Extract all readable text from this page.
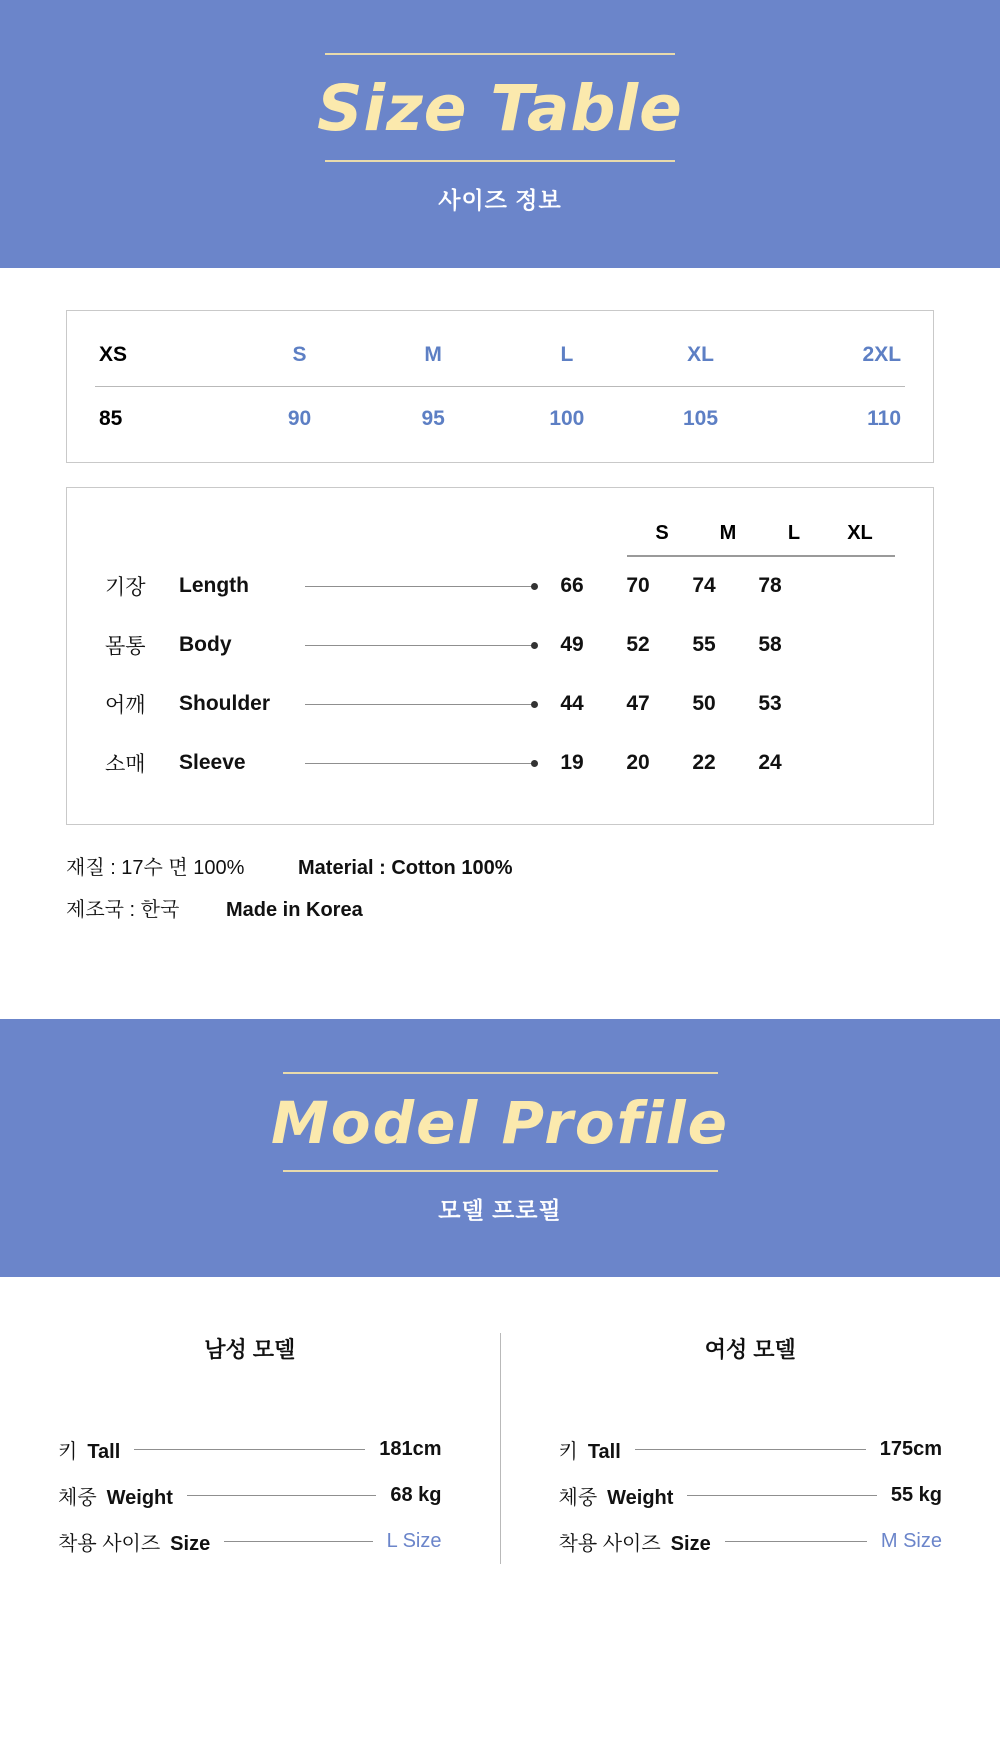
Size Table
사이즈 정보
XS	S	M	L	XL	2XL
85	90	95	100	105	110
S	M	L	XL
기장	Length	66	70	74	78
몸통	Body	49	52	55	58
어깨	Shoulder	44	47	50	53
소매	Sleeve	19	20	22	24
재질 : 17수 면 100%	Material : Cotton 100%
제조국 : 한국	Made in Korea
Model Profile
모델 프로필
남성 모델
키 Tall	181cm
체중 Weight	68 kg
착용 사이즈 Size	L Size
여성 모델
키 Tall	175cm
체중 Weight	55 kg
착용 사이즈 Size	M Size
